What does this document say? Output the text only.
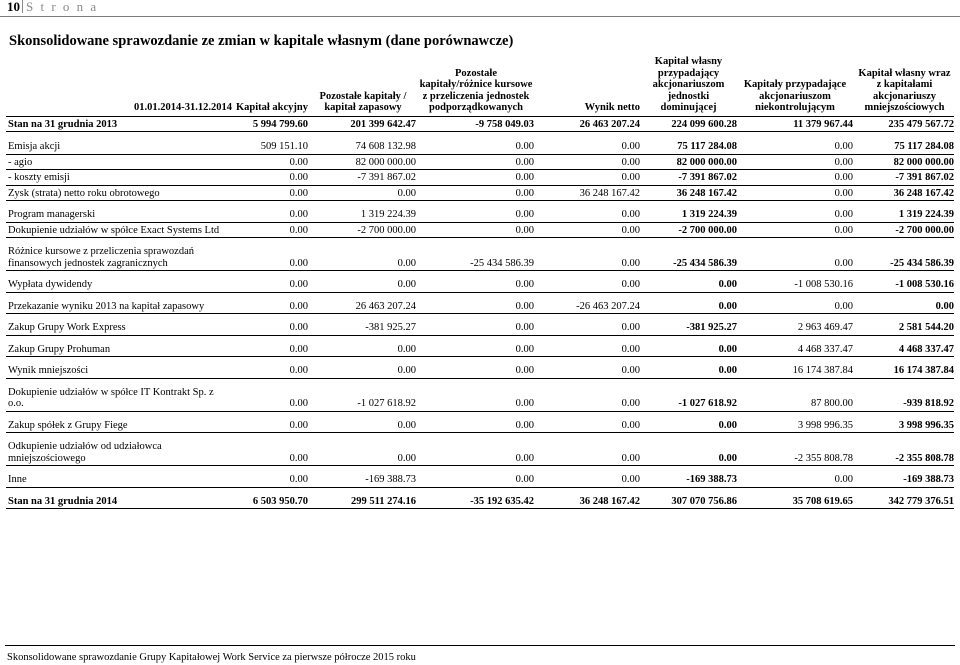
10 S t r o n a
Skonsolidowane sprawozdanie ze zmian w kapitale własnym (dane porównawcze)
01.01.2014-31.12.2014	Kapitał akcyjny	Pozostałe kapitały / kapitał zapasowy	Pozostałe kapitały/różnice kursowe z przeliczenia jednostek podporządkowanych	Wynik netto	Kapitał własny przypadający akcjonariuszom jednostki dominującej	Kapitały przypadające akcjonariuszom niekontrolującym	Kapitał własny wraz z kapitałami akcjonariuszy mniejszościowych
Stan na 31 grudnia 2013	5 994 799.60	201 399 642.47	-9 758 049.03	26 463 207.24	224 099 600.28	11 379 967.44	235 479 567.72

Emisja akcji	509 151.10	74 608 132.98	0.00	0.00	75 117 284.08	0.00	75 117 284.08
- agio	0.00	82 000 000.00	0.00	0.00	82 000 000.00	0.00	82 000 000.00
- koszty emisji	0.00	-7 391 867.02	0.00	0.00	-7 391 867.02	0.00	-7 391 867.02
Zysk (strata) netto roku obrotowego	0.00	0.00	0.00	36 248 167.42	36 248 167.42	0.00	36 248 167.42

Program managerski	0.00	1 319 224.39	0.00	0.00	1 319 224.39	0.00	1 319 224.39
Dokupienie udziałów w spółce Exact Systems Ltd	0.00	-2 700 000.00	0.00	0.00	-2 700 000.00	0.00	-2 700 000.00

Różnice kursowe z przeliczenia sprawozdań finansowych jednostek zagranicznych	0.00	0.00	-25 434 586.39	0.00	-25 434 586.39	0.00	-25 434 586.39

Wypłata dywidendy	0.00	0.00	0.00	0.00	0.00	-1 008 530.16	-1 008 530.16

Przekazanie wyniku 2013 na kapitał zapasowy	0.00	26 463 207.24	0.00	-26 463 207.24	0.00	0.00	0.00

Zakup Grupy Work Express	0.00	-381 925.27	0.00	0.00	-381 925.27	2 963 469.47	2 581 544.20

Zakup Grupy Prohuman	0.00	0.00	0.00	0.00	0.00	4 468 337.47	4 468 337.47

Wynik mniejszości	0.00	0.00	0.00	0.00	0.00	16 174 387.84	16 174 387.84

Dokupienie udziałów w spółce IT Kontrakt Sp. z o.o.	0.00	-1 027 618.92	0.00	0.00	-1 027 618.92	87 800.00	-939 818.92

Zakup spółek z Grupy Fiege	0.00	0.00	0.00	0.00	0.00	3 998 996.35	3 998 996.35

Odkupienie udziałów od udziałowca mniejszościowego	0.00	0.00	0.00	0.00	0.00	-2 355 808.78	-2 355 808.78

Inne	0.00	-169 388.73	0.00	0.00	-169 388.73	0.00	-169 388.73

Stan na 31 grudnia 2014	6 503 950.70	299 511 274.16	-35 192 635.42	36 248 167.42	307 070 756.86	35 708 619.65	342 779 376.51
Skonsolidowane sprawozdanie Grupy Kapitałowej Work Service za pierwsze półrocze 2015 roku
